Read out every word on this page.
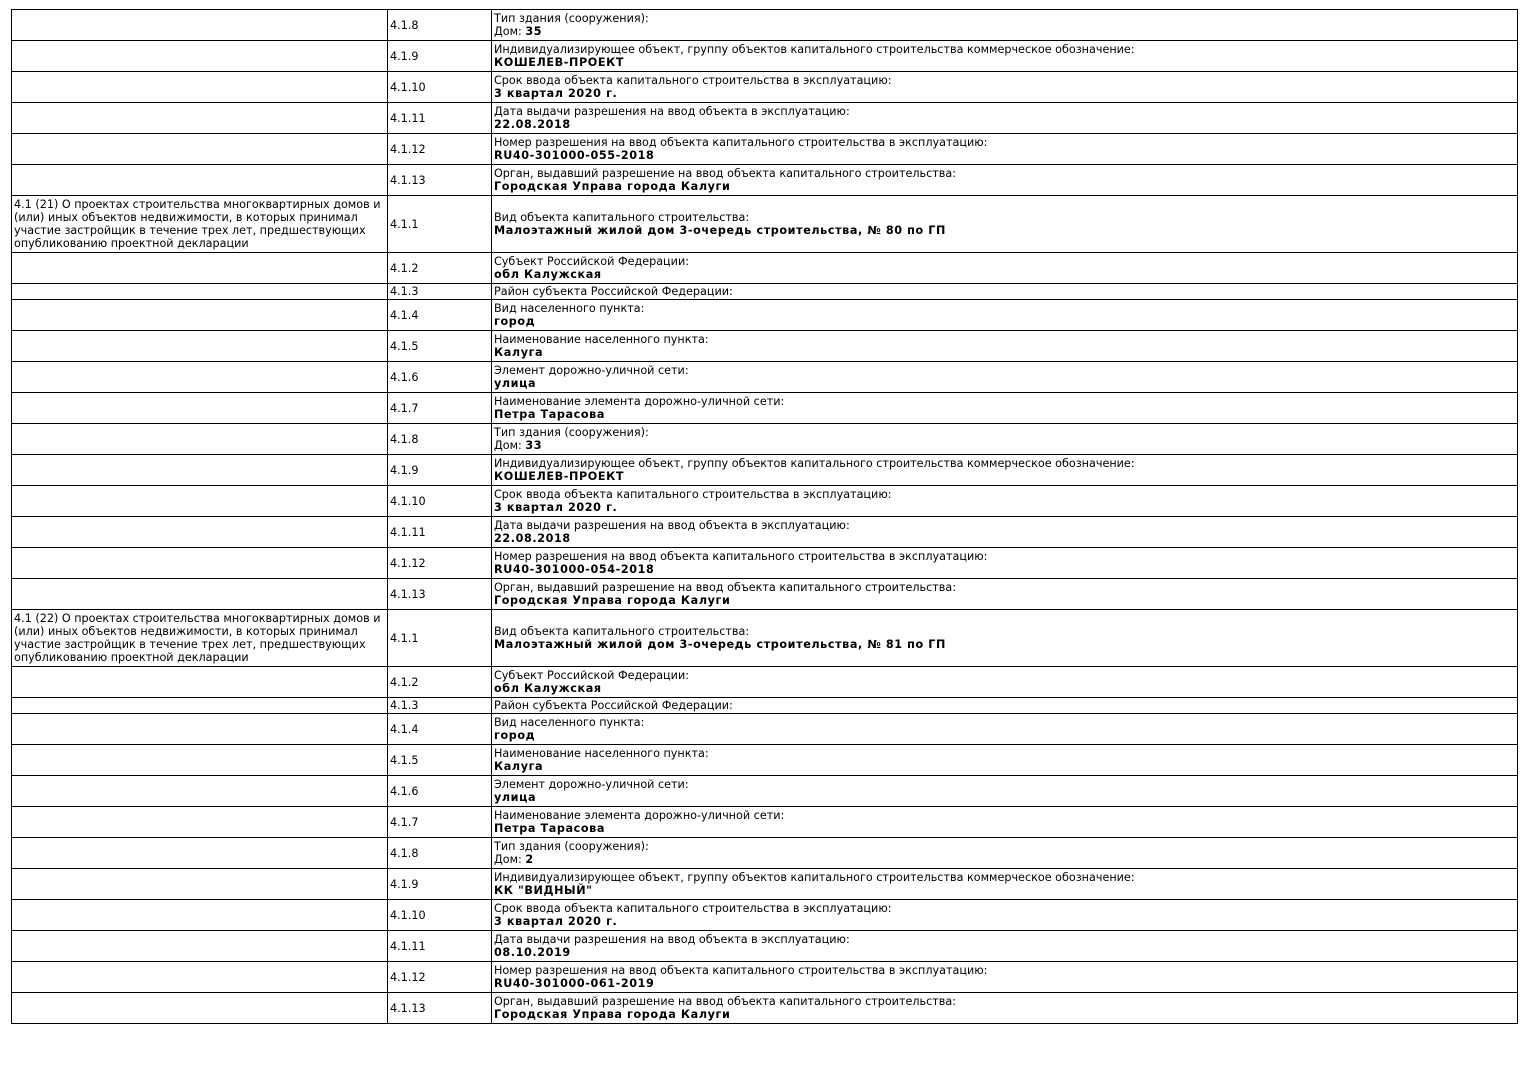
	4.1.8	Тип здания (сооружения):
Дом: 35

	4.1.9	Индивидуализирующее объект, группу объектов капитального строительства коммерческое обозначение:
КОШЕЛЕВ-ПРОЕКТ

	4.1.10	Срок ввода объекта капитального строительства в эксплуатацию:
3 квартал 2020 г.

	4.1.11	Дата выдачи разрешения на ввод объекта в эксплуатацию:
22.08.2018

	4.1.12	Номер разрешения на ввод объекта капитального строительства в эксплуатацию:
RU40-301000-055-2018

	4.1.13	Орган, выдавший разрешение на ввод объекта капитального строительства:
Городская Управа города Калуги

4.1 (21) О проектах строительства многоквартирных домов и (или) иных объектов недвижимости, в которых принимал участие застройщик в течение трех лет, предшествующих опубликованию проектной декларации	4.1.1	Вид объекта капитального строительства:
Малоэтажный жилой дом 3-очередь строительства, № 80 по ГП

	4.1.2	Субъект Российской Федерации:
обл Калужская

	4.1.3	Район субъекта Российской Федерации:

	4.1.4	Вид населенного пункта:
город

	4.1.5	Наименование населенного пункта:
Калуга

	4.1.6	Элемент дорожно-уличной сети:
улица

	4.1.7	Наименование элемента дорожно-уличной сети:
Петра Тарасова

	4.1.8	Тип здания (сооружения):
Дом: 33

	4.1.9	Индивидуализирующее объект, группу объектов капитального строительства коммерческое обозначение:
КОШЕЛЕВ-ПРОЕКТ

	4.1.10	Срок ввода объекта капитального строительства в эксплуатацию:
3 квартал 2020 г.

	4.1.11	Дата выдачи разрешения на ввод объекта в эксплуатацию:
22.08.2018

	4.1.12	Номер разрешения на ввод объекта капитального строительства в эксплуатацию:
RU40-301000-054-2018

	4.1.13	Орган, выдавший разрешение на ввод объекта капитального строительства:
Городская Управа города Калуги

4.1 (22) О проектах строительства многоквартирных домов и (или) иных объектов недвижимости, в которых принимал участие застройщик в течение трех лет, предшествующих опубликованию проектной декларации	4.1.1	Вид объекта капитального строительства:
Малоэтажный жилой дом 3-очередь строительства, № 81 по ГП

	4.1.2	Субъект Российской Федерации:
обл Калужская

	4.1.3	Район субъекта Российской Федерации:

	4.1.4	Вид населенного пункта:
город

	4.1.5	Наименование населенного пункта:
Калуга

	4.1.6	Элемент дорожно-уличной сети:
улица

	4.1.7	Наименование элемента дорожно-уличной сети:
Петра Тарасова

	4.1.8	Тип здания (сооружения):
Дом: 2

	4.1.9	Индивидуализирующее объект, группу объектов капитального строительства коммерческое обозначение:
КК "ВИДНЫЙ"

	4.1.10	Срок ввода объекта капитального строительства в эксплуатацию:
3 квартал 2020 г.

	4.1.11	Дата выдачи разрешения на ввод объекта в эксплуатацию:
08.10.2019

	4.1.12	Номер разрешения на ввод объекта капитального строительства в эксплуатацию:
RU40-301000-061-2019

	4.1.13	Орган, выдавший разрешение на ввод объекта капитального строительства:
Городская Управа города Калуги
